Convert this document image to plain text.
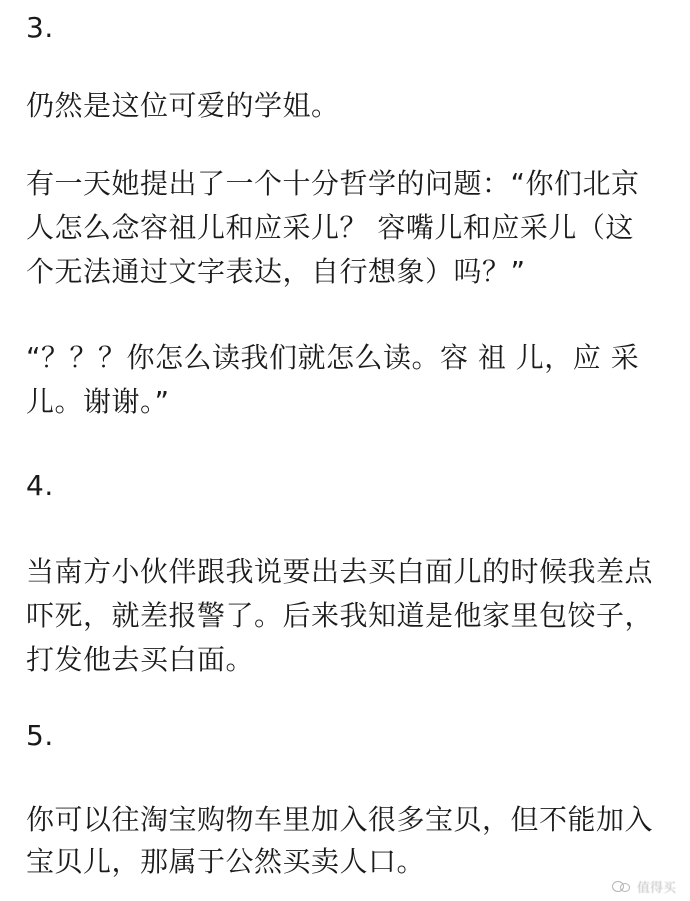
3.
仍然是这位可爱的学姐。
有一天她提出了一个十分哲学的问题：“你们北京
人怎么念容祖儿和应采儿？ 容嘴儿和应采儿（这
个无法通过文字表达，自行想象）吗？”
“？？？你怎么读我们就怎么读。容 祖 儿，应 采
儿。谢谢。”
4.
当南方小伙伴跟我说要出去买白面儿的时候我差点
吓死，就差报警了。后来我知道是他家里包饺子，
打发他去买白面。
5.
你可以往淘宝购物车里加入很多宝贝，但不能加入
宝贝儿，那属于公然买卖人口。
值得买
